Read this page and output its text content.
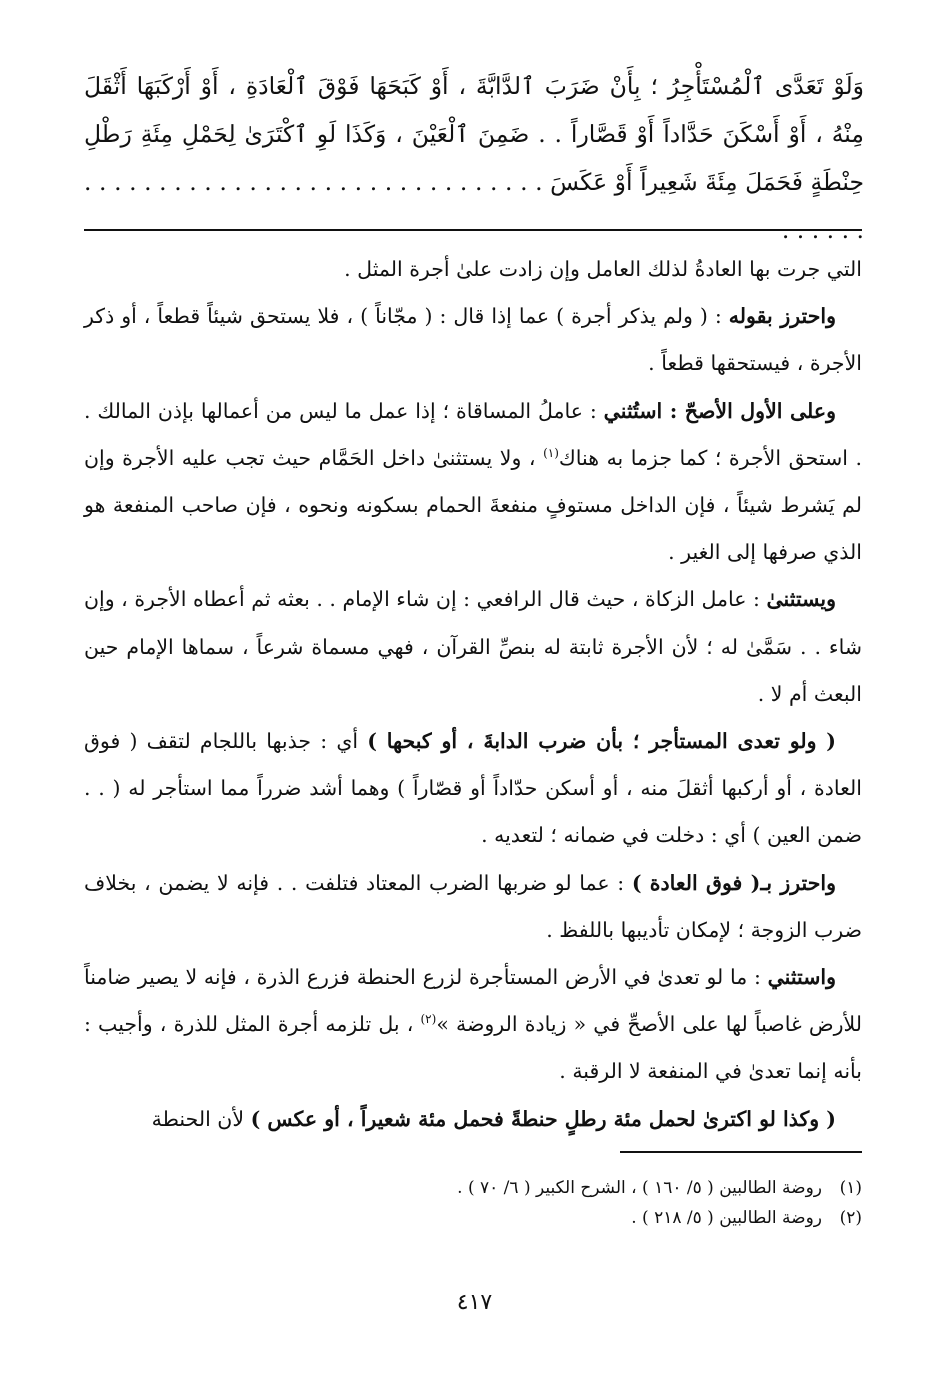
وَلَوْ تَعَدَّى ٱلْمُسْتَأْجِرُ ؛ بِأَنْ ضَرَبَ ٱلدَّابَّةَ ، أَوْ كَبَحَهَا فَوْقَ ٱلْعَادَةِ ، أَوْ أَرْكَبَهَا أَثْقَلَ مِنْهُ ، أَوْ أَسْكَنَ حَدَّاداً أَوْ قَصَّاراً . . ضَمِنَ ٱلْعَيْنَ ، وَكَذَا لَوِ ٱكْتَرَىٰ لِحَمْلِ مِئَةِ رَطْلِ حِنْطَةٍ فَحَمَلَ مِئَةَ شَعِيراً أَوْ عَكَسَ . . . . . . . . . . . . . . . . . . . . . . . . . . . . . . . . . . . . .

التي جرت بها العادةُ لذلك العامل وإن زادت علىٰ أجرة المثل .

واحترز بقوله : ( ولم يذكر أجرة ) عما إذا قال : ( مجّاناً ) ، فلا يستحق شيئاً قطعاً ، أو ذكر الأجرة ، فيستحقها قطعاً .

وعلى الأول الأصحّ : استُثني : عاملُ المساقاة ؛ إذا عمل ما ليس من أعمالها بإذن المالك . . استحق الأجرة ؛ كما جزما به هناك$^{(١)}$ ، ولا يستثنىٰ داخل الحَمَّام حيث تجب عليه الأجرة وإن لم يَشرط شيئاً ، فإن الداخل مستوفٍ منفعةَ الحمام بسكونه ونحوه ، فإن صاحب المنفعة هو الذي صرفها إلى الغير .

ويستثنىٰ : عامل الزكاة ، حيث قال الرافعي : إن شاء الإمام . . بعثه ثم أعطاه الأجرة ، وإن شاء . . سَمَّىٰ له ؛ لأن الأجرة ثابتة له بنصِّ القرآن ، فهي مسماة شرعاً ، سماها الإمام حين البعث أم لا .

( ولو تعدى المستأجر ؛ بأن ضرب الدابةَ ، أو كبحها ) أي : جذبها باللجام لتقف ( فوق العادة ، أو أركبها أثقلَ منه ، أو أسكن حدّاداً أو قصّاراً ) وهما أشد ضرراً مما استأجر له ( . . ضمن العين ) أي : دخلت في ضمانه ؛ لتعديه .

واحترز بـ( فوق العادة ) : عما لو ضربها الضرب المعتاد فتلفت . . فإنه لا يضمن ، بخلاف ضرب الزوجة ؛ لإمكان تأديبها باللفظ .

واستثني : ما لو تعدىٰ في الأرض المستأجرة لزرع الحنطة فزرع الذرة ، فإنه لا يصير ضامناً للأرض غاصباً لها على الأصحِّ في « زيادة الروضة »$^{(٢)}$ ، بل تلزمه أجرة المثل للذرة ، وأجيب : بأنه إنما تعدىٰ في المنفعة لا الرقبة .

( وكذا لو اكترىٰ لحمل مئة رطلٍ حنطةً فحمل مئة شعيراً ، أو عكس ) لأن الحنطة

(١)
روضة الطالبين ( ٥/ ١٦٠ ) ، الشرح الكبير ( ٦/ ٧٠ ) .
(٢)
روضة الطالبين ( ٥/ ٢١٨ ) .
٤١٧
